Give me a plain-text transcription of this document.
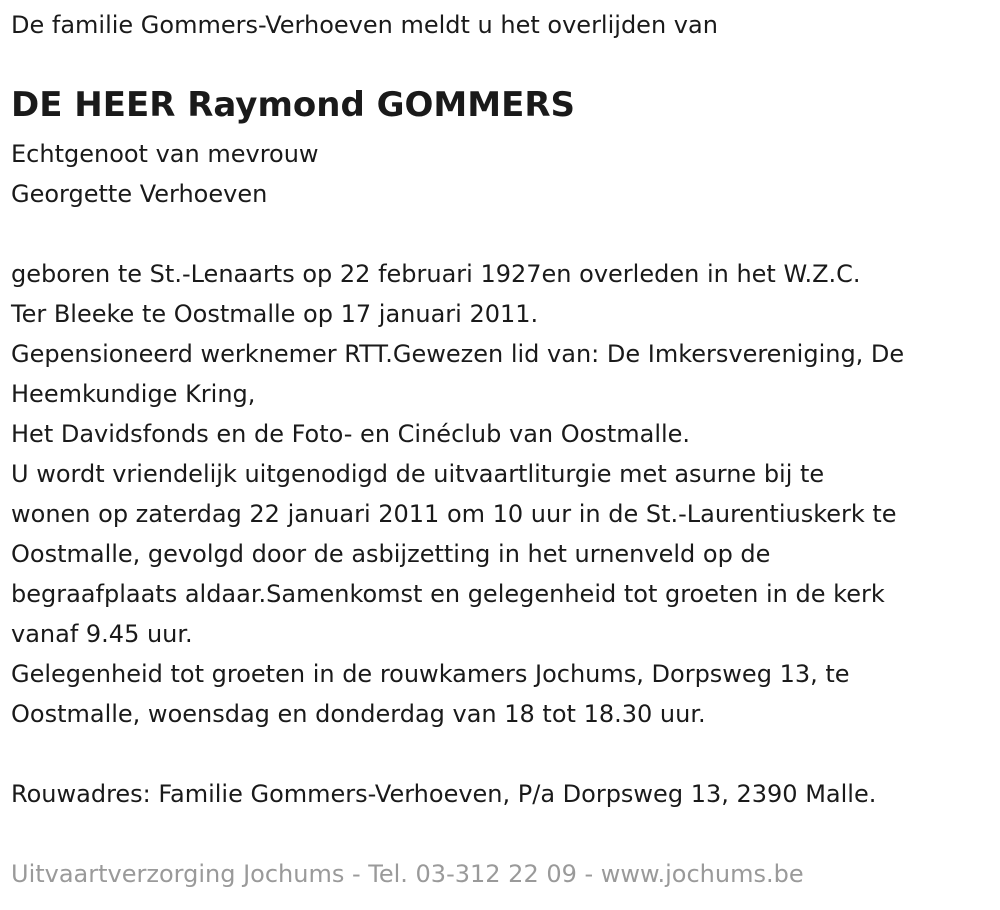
De familie Gommers-Verhoeven meldt u het overlijden van

DE HEER Raymond GOMMERS

Echtgenoot van mevrouw

Georgette Verhoeven

geboren te St.-Lenaarts op 22 februari 1927en overleden in het W.Z.C.

Ter Bleeke te Oostmalle op 17 januari 2011.

Gepensioneerd werknemer RTT.Gewezen lid van: De Imkersvereniging, De

Heemkundige Kring,

Het Davidsfonds en de Foto- en Cinéclub van Oostmalle.

U wordt vriendelijk uitgenodigd de uitvaartliturgie met asurne bij te

wonen op zaterdag 22 januari 2011 om 10 uur in de St.-Laurentiuskerk te

Oostmalle, gevolgd door de asbijzetting in het urnenveld op de

begraafplaats aldaar.Samenkomst en gelegenheid tot groeten in de kerk

vanaf 9.45 uur.

Gelegenheid tot groeten in de rouwkamers Jochums, Dorpsweg 13, te

Oostmalle, woensdag en donderdag van 18 tot 18.30 uur.

Rouwadres: Familie Gommers-Verhoeven, P/a Dorpsweg 13, 2390 Malle.

Uitvaartverzorging Jochums - Tel. 03-312 22 09 - www.jochums.be
